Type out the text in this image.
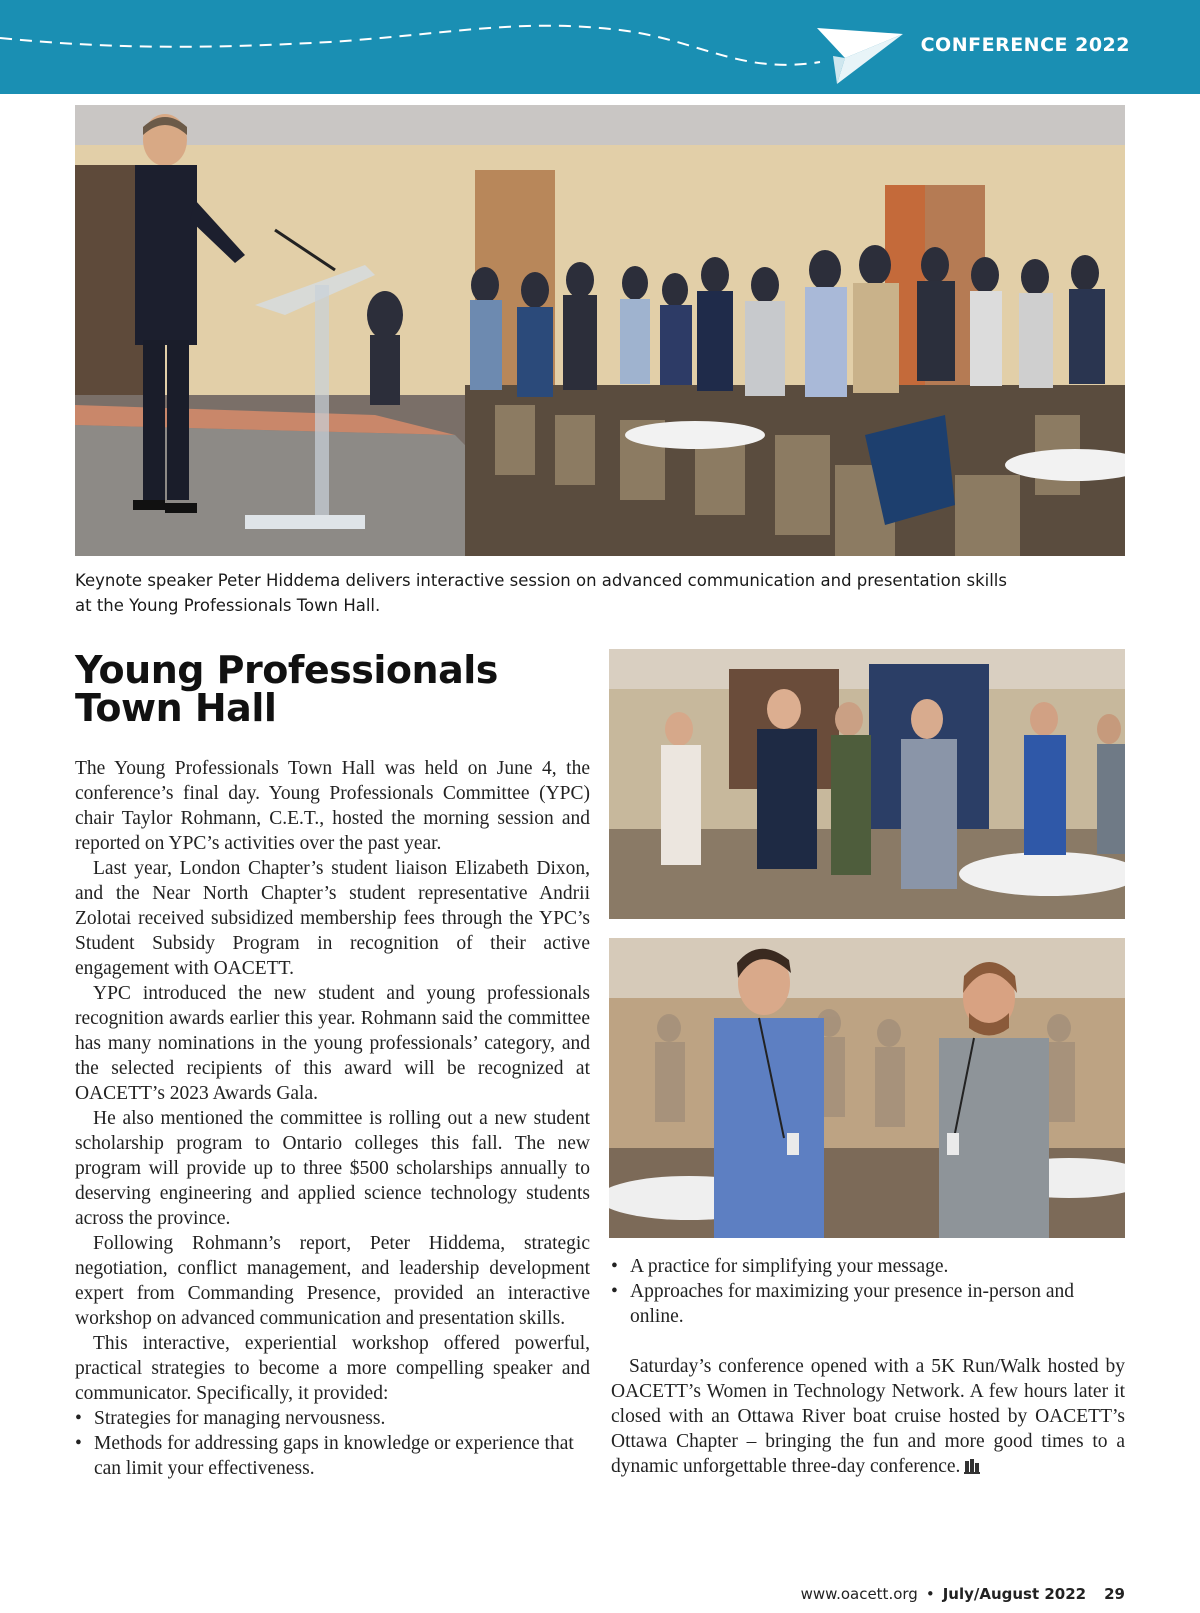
CONFERENCE 2022
Keynote speaker Peter Hiddema delivers interactive session on advanced communication and presentation skills
at the Young Professionals Town Hall.
Young Professionals
Town Hall

The Young Professionals Town Hall was held on June 4, the conference’s final day. Young Professionals Committee (YPC) chair Taylor Rohmann, C.E.T., hosted the morning session and reported on YPC’s activities over the past year.

Last year, London Chapter’s student liaison Elizabeth Dixon, and the Near North Chapter’s student representative Andrii Zolotai received subsidized membership fees through the YPC’s Student Subsidy Program in recognition of their active engagement with OACETT.

YPC introduced the new student and young professionals recognition awards earlier this year. Rohmann said the committee has many nominations in the young professionals’ category, and the selected recipients of this award will be recognized at OACETT’s 2023 Awards Gala.

He also mentioned the committee is rolling out a new student scholarship program to Ontario colleges this fall. The new program will provide up to three $500 scholarships annually to deserving engineering and applied science technology students across the province.

Following Rohmann’s report, Peter Hiddema, strategic negotiation, conflict management, and leadership development expert from Commanding Presence, provided an interactive workshop on advanced communication and presentation skills.

This interactive, experiential workshop offered powerful, practical strategies to become a more compelling speaker and communicator. Specifically, it provided:

• Strategies for managing nervousness.
• Methods for addressing gaps in knowledge or experience that can limit your effectiveness.
• A practice for simplifying your message.
• Approaches for maximizing your presence in-person and online.

Saturday’s conference opened with a 5K Run/Walk hosted by OACETT’s Women in Technology Network. A few hours later it closed with an Ottawa River boat cruise hosted by OACETT’s Ottawa Chapter – bringing the fun and more good times to a dynamic unforgettable three-day conference.

www.oacett.org • July/August 2022 29
